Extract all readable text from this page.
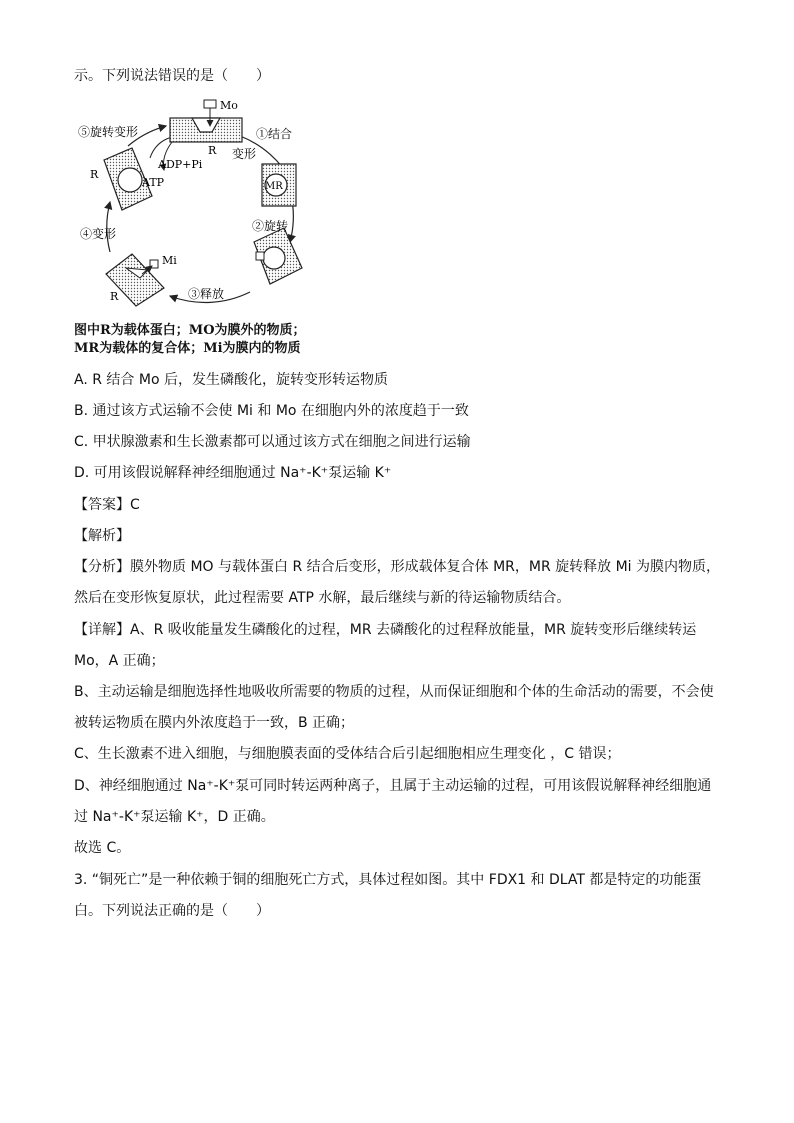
示。下列说法错误的是（　　）
Mo
①结合
变形
②旋转
③释放
④变形
⑤旋转变形
ADP+Pi
ATP
R
R
R
MR
Mi
图中R为载体蛋白；MO为膜外的物质；
MR为载体的复合体；Mi为膜内的物质
A. R 结合 Mo 后，发生磷酸化，旋转变形转运物质
B. 通过该方式运输不会使 Mi 和 Mo 在细胞内外的浓度趋于一致
C. 甲状腺激素和生长激素都可以通过该方式在细胞之间进行运输
D. 可用该假说解释神经细胞通过 Na⁺-K⁺泵运输 K⁺
【答案】C
【解析】
【分析】膜外物质 MO 与载体蛋白 R 结合后变形，形成载体复合体 MR，MR 旋转释放 Mi 为膜内物质，
然后在变形恢复原状，此过程需要 ATP 水解，最后继续与新的待运输物质结合。
【详解】A、R 吸收能量发生磷酸化的过程，MR 去磷酸化的过程释放能量，MR 旋转变形后继续转运
Mo，A 正确；
B、主动运输是细胞选择性地吸收所需要的物质的过程，从而保证细胞和个体的生命活动的需要，不会使
被转运物质在膜内外浓度趋于一致，B 正确；
C、生长激素不进入细胞，与细胞膜表面的受体结合后引起细胞相应生理变化 ，C 错误；
D、神经细胞通过 Na⁺-K⁺泵可同时转运两种离子，且属于主动运输的过程，可用该假说解释神经细胞通
过 Na⁺-K⁺泵运输 K⁺，D 正确。
故选 C。
3. “铜死亡”是一种依赖于铜的细胞死亡方式，具体过程如图。其中 FDX1 和 DLAT 都是特定的功能蛋
白。下列说法正确的是（　　）
